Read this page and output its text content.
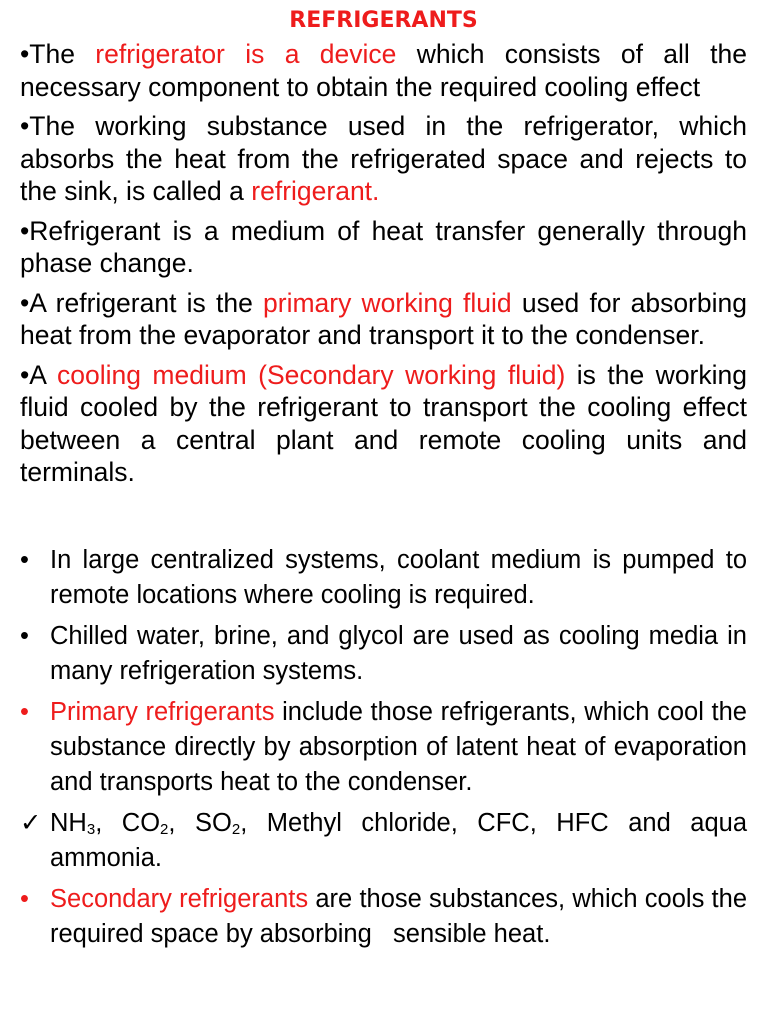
REFRIGERANTS

•The refrigerator is a device which consists of all the necessary component to obtain the required cooling effect

•The working substance used in the refrigerator, which absorbs the heat from the refrigerated space and rejects to the sink, is called a refrigerant.

•Refrigerant is a medium of heat transfer generally through phase change.

•A refrigerant is the primary working fluid used for absorbing heat from the evaporator and transport it to the condenser.

•A cooling medium (Secondary working fluid) is the working fluid cooled by the refrigerant to transport the cooling effect between a central plant and remote cooling units and terminals.

• In large centralized systems, coolant medium is pumped to remote locations where cooling is required.
• Chilled water, brine, and glycol are used as cooling media in many refrigeration systems.
• Primary refrigerants include those refrigerants, which cool the substance directly by absorption of latent heat of evaporation and transports heat to the condenser.
✓ $NH_3$, $CO_2$, $SO_2$, Methyl chloride, CFC, HFC and aqua ammonia.
• Secondary refrigerants are those substances, which cools the required space by absorbing   sensible heat.
